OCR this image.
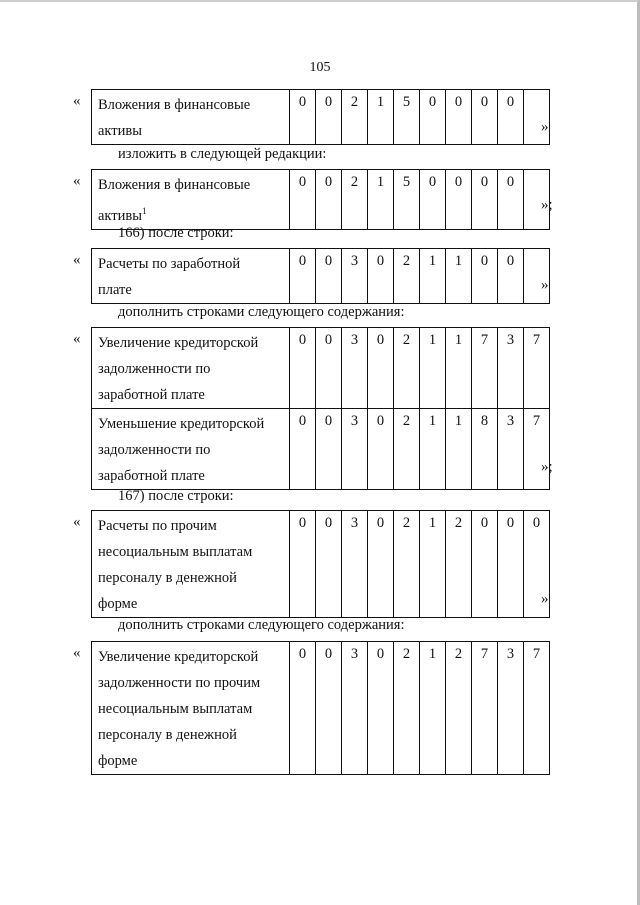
105
« Вложения в финансовые
активы
	0	0	2	1	5	0	0	0	0	
»
изложить в следующей редакции:
« Вложения в финансовые
активы$^1$
	0	0	2	1	5	0	0	0	0	
»;
166) после строки:
« Расчеты по заработной
плате
	0	0	3	0	2	1	1	0	0	
»
дополнить строками следующего содержания:
« Увеличение кредиторской
задолженности по
заработной плате	0	0	3	0	2	1	1	7	3	7

Уменьшение кредиторской
задолженности по
заработной плате	0	0	3	0	2	1	1	8	3	7
»;
167) после строки:
« Расчеты по прочим
несоциальным выплатам
персоналу в денежной
форме
	0	0	3	0	2	1	2	0	0	0
»
дополнить строками следующего содержания:
« Увеличение кредиторской
задолженности по прочим
несоциальным выплатам
персоналу в денежной
форме
	0	0	3	0	2	1	2	7	3	7
